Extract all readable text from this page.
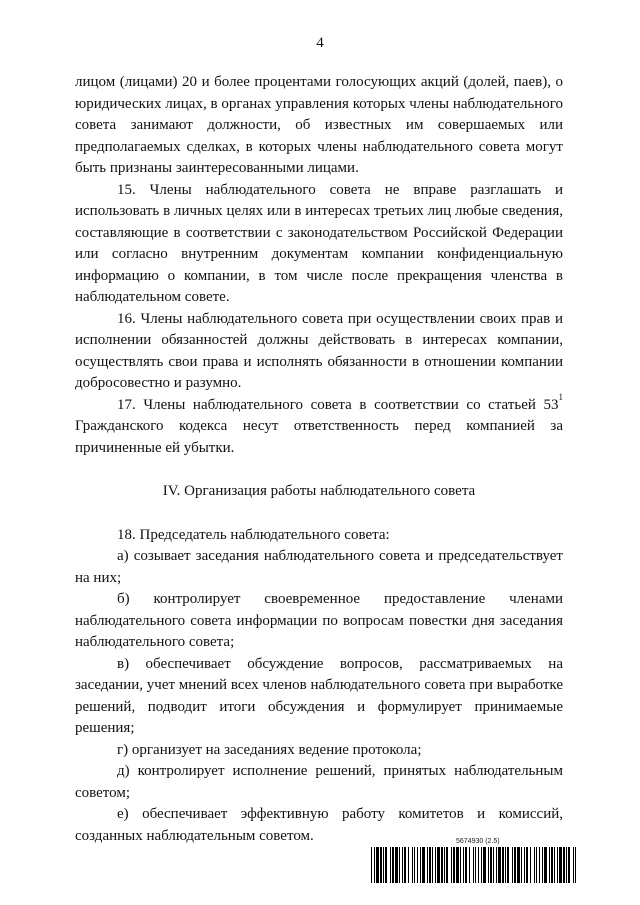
4

лицом (лицами) 20 и более процентами голосующих акций (долей, паев), о юридических лицах, в органах управления которых члены наблюдательного совета занимают должности, об известных им совершаемых или предполагаемых сделках, в которых члены наблюдательного совета могут быть признаны заинтересованными лицами.

15. Члены наблюдательного совета не вправе разглашать и использовать в личных целях или в интересах третьих лиц любые сведения, составляющие в соответствии с законодательством Российской Федерации или согласно внутренним документам компании конфиденциальную информацию о компании, в том числе после прекращения членства в наблюдательном совете.

16. Члены наблюдательного совета при осуществлении своих прав и исполнении обязанностей должны действовать в интересах компании, осуществлять свои права и исполнять обязанности в отношении компании добросовестно и разумно.

17. Члены наблюдательного совета в соответствии со статьей $53^1$ Гражданского кодекса несут ответственность перед компанией за причиненные ей убытки.

IV. Организация работы наблюдательного совета

18. Председатель наблюдательного совета:

а) созывает заседания наблюдательного совета и председательствует на них;

б) контролирует своевременное предоставление членами наблюдательного совета информации по вопросам повестки дня заседания наблюдательного совета;

в) обеспечивает обсуждение вопросов, рассматриваемых на заседании, учет мнений всех членов наблюдательного совета при выработке решений, подводит итоги обсуждения и формулирует принимаемые решения;

г) организует на заседаниях ведение протокола;

д) контролирует исполнение решений, принятых наблюдательным советом;

е) обеспечивает эффективную работу комитетов и комиссий, созданных наблюдательным советом.	5674930 (2.5)
